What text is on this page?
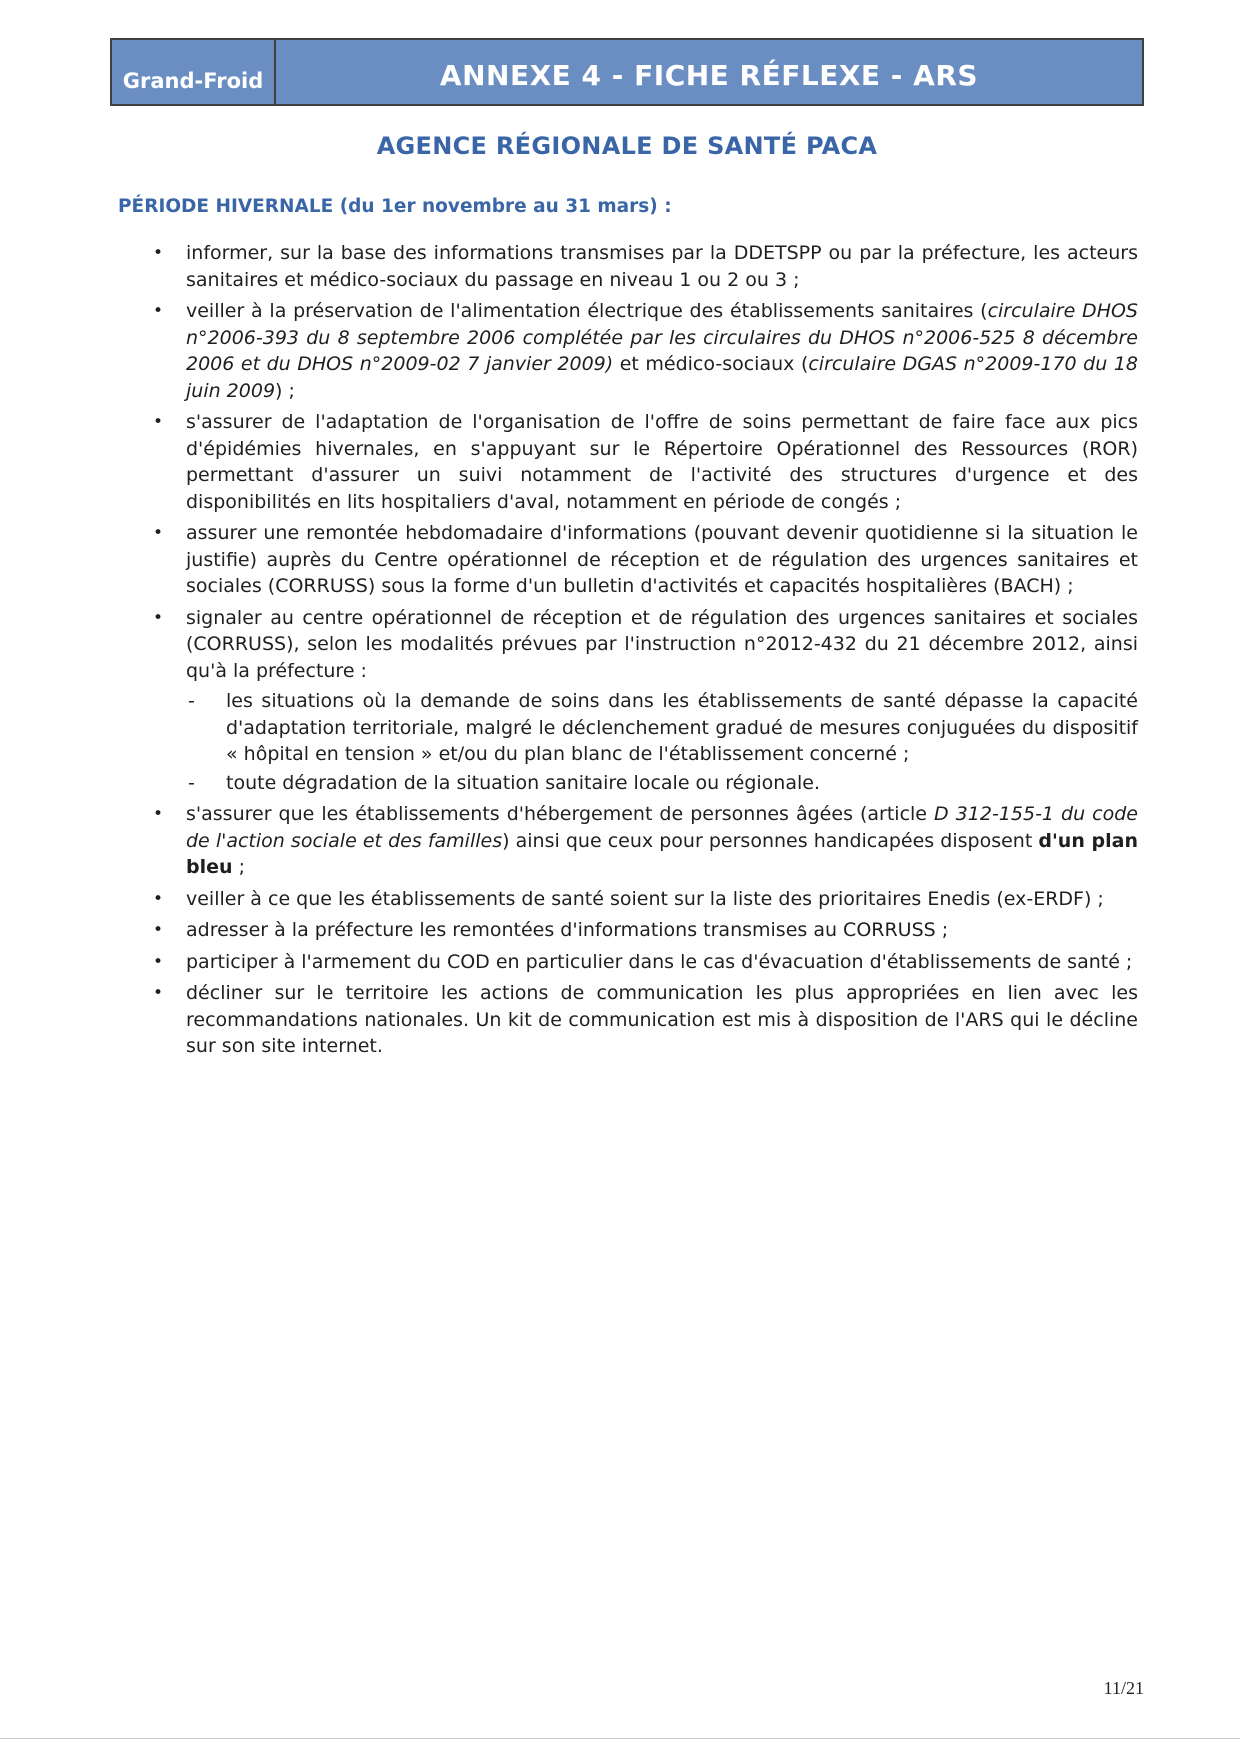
Grand-Froid	ANNEXE 4 - FICHE RÉFLEXE - ARS
AGENCE RÉGIONALE DE SANTÉ PACA
PÉRIODE HIVERNALE (du 1er novembre au 31 mars) :
• informer, sur la base des informations transmises par la DDETSPP ou par la préfecture, les acteurs sanitaires et médico-sociaux du passage en niveau 1 ou 2 ou 3 ;
• veiller à la préservation de l'alimentation électrique des établissements sanitaires (circulaire DHOS n°2006-393 du 8 septembre 2006 complétée par les circulaires du DHOS n°2006-525 8 décembre 2006 et du DHOS n°2009-02 7 janvier 2009) et médico-sociaux (circulaire DGAS n°2009-170 du 18 juin 2009) ;
• s'assurer de l'adaptation de l'organisation de l'offre de soins permettant de faire face aux pics d'épidémies hivernales, en s'appuyant sur le Répertoire Opérationnel des Ressources (ROR) permettant d'assurer un suivi notamment de l'activité des structures d'urgence et des disponibilités en lits hospitaliers d'aval, notamment en période de congés ;
• assurer une remontée hebdomadaire d'informations (pouvant devenir quotidienne si la situation le justifie) auprès du Centre opérationnel de réception et de régulation des urgences sanitaires et sociales (CORRUSS) sous la forme d'un bulletin d'activités et capacités hospitalières (BACH) ;
• signaler au centre opérationnel de réception et de régulation des urgences sanitaires et sociales (CORRUSS), selon les modalités prévues par l'instruction n°2012-432 du 21 décembre 2012, ainsi qu'à la préfecture :
- les situations où la demande de soins dans les établissements de santé dépasse la capacité d'adaptation territoriale, malgré le déclenchement gradué de mesures conjuguées du dispositif « hôpital en tension » et/ou du plan blanc de l'établissement concerné ;
- toute dégradation de la situation sanitaire locale ou régionale.
• s'assurer que les établissements d'hébergement de personnes âgées (article D 312-155-1 du code de l'action sociale et des familles) ainsi que ceux pour personnes handicapées disposent d'un plan bleu ;
• veiller à ce que les établissements de santé soient sur la liste des prioritaires Enedis (ex-ERDF) ;
• adresser à la préfecture les remontées d'informations transmises au CORRUSS ;
• participer à l'armement du COD en particulier dans le cas d'évacuation d'établissements de santé ;
• décliner sur le territoire les actions de communication les plus appropriées en lien avec les recommandations nationales. Un kit de communication est mis à disposition de l'ARS qui le décline sur son site internet.
11/21
